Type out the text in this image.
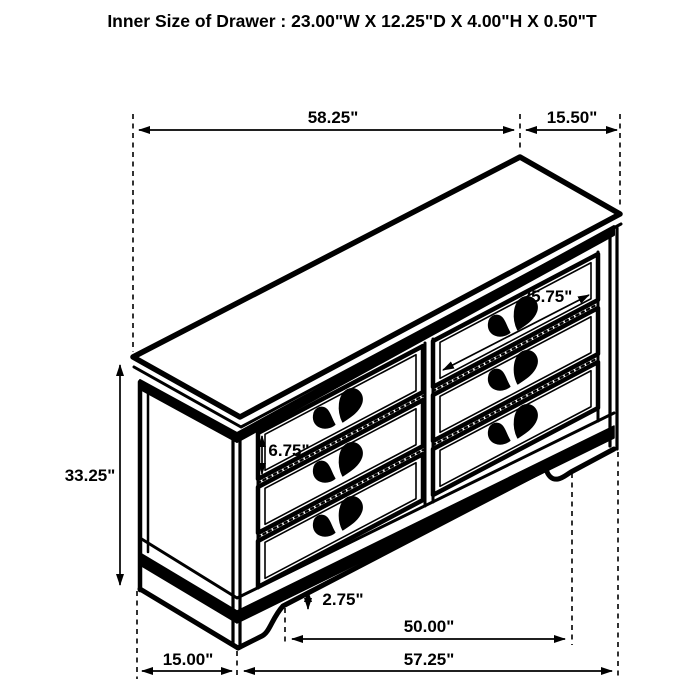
58.25"	15.50"
25.75"
6.75"
33.25"
2.75"
50.00"
15.00"	57.25"
Inner Size of Drawer : 23.00"W X 12.25"D X 4.00"H X 0.50"T
